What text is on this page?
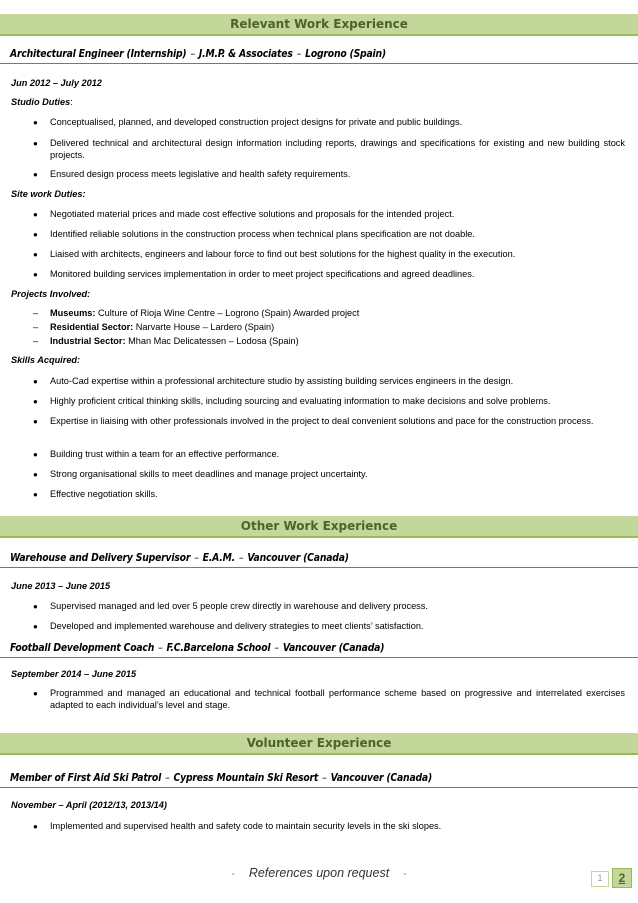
Relevant Work Experience
Architectural Engineer (Internship) – J.M.P. & Associates – Logrono (Spain)
Jun 2012 – July 2012
Studio Duties:
●	Conceptualised, planned, and developed construction project designs for private and public buildings.
●	Delivered technical and architectural design information including reports, drawings and specifications for existing and new building stock projects.
●	Ensured design process meets legislative and health safety requirements.
Site work Duties:
●	Negotiated material prices and made cost effective solutions and proposals for the intended project.
●	Identified reliable solutions in the construction process when technical plans specification are not doable.
●	Liaised with architects, engineers and labour force to find out best solutions for the highest quality in the execution.
●	Monitored building services implementation in order to meet project specifications and agreed deadlines.
Projects Involved:
–	Museums:
Culture of Rioja Wine Centre – Logrono (Spain) Awarded project
–	Residential Sector:
Narvarte House – Lardero (Spain)
–	Industrial Sector:
Mhan Mac Delicatessen – Lodosa (Spain)
Skills Acquired:
●	Auto-Cad expertise within a professional architecture studio by assisting building services engineers in the design.
●	Highly proficient critical thinking skills, including sourcing and evaluating information to make decisions and solve problems.
●	Expertise in liaising with other professionals involved in the project to deal convenient solutions and pace for the construction process.
●	Building trust within a team for an effective performance.
●	Strong organisational skills to meet deadlines and manage project uncertainty.
●	Effective negotiation skills.
Other Work Experience
Warehouse and Delivery Supervisor – E.A.M. – Vancouver (Canada)
June 2013 – June 2015
●	Supervised managed and led over 5 people crew directly in warehouse and delivery process.
●	Developed and implemented warehouse and delivery strategies to meet clients’ satisfaction.
Football Development Coach – F.C.Barcelona School – Vancouver (Canada)
September 2014 – June 2015
●	Programmed and managed an educational and technical football performance scheme based on progressive and interrelated exercises adapted to each individual’s level and stage.
Volunteer Experience
Member of First Aid Ski Patrol – Cypress Mountain Ski Resort – Vancouver (Canada)
November – April (2012/13, 2013/14)
●	Implemented and supervised health and safety code to maintain security levels in the ski slopes.
- References upon request -	1	2
